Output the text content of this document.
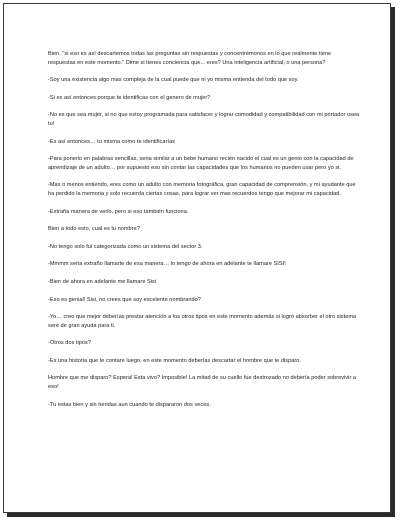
Bien. "si eso es así descartemos todas las preguntas sin respuestas y concentrémonos en lo que realmente tiene respuestas en este momento." Dime si tienes conciencia que... eres? Una inteligencia artificial, o una persona?

-Soy una existencia algo mas compleja de la cual puede que ni yo misma entienda del todo que soy.

-Si es así entonces porque te identificas con el genero de mujer?

-No es que sea mujer, si no que estoy programada para satisfacer y lograr comodidad y compatibilidad con mi portador osea tu!

-Es así entonces… tu misma como te identificarías

-Para ponerlo en palabras sencillas, seria similar a un bebe humano recién nacido el cual es un genio con la capacidad de aprendizaje de un adulto… por supuesto eso sin contar las capacidades que los humanos no pueden usar pero yo si.

-Mas o menos entiendo, eres como un adulto con memoria fotográfica, gran capacidad de comprensión, y mi ayudante que ha perdido la memoria y solo recuerda ciertas cosas, para lograr ver mas recuerdos tengo que mejorar mi capacidad.

-Extraña manera de verlo, pero si eso también funciona.

Bien a todo esto, cual es tu nombre?

-No tengo solo fui categorizada como un sistema del sector 3.

-Mmmm seria extraño llamarte de esa manera… lo tengo de ahora en adelante te llamare SISI!

-Bien de ahora en adelante me llamare Sisi

-Eso es genial! Sisi, no crees que soy excelente nombrando?

-Yo… creo que mejor deberías prestar atención a los otros tipos en este momento además si logró absorber el otro sistema seré de gran ayuda para ti.

-Otros dos tipos?

-Es una historia que te contare luego, en este momento deberías descartar el hombre que te disparo.

Hombre que me disparo? Espera! Esta vivo? Imposible! La mitad de su cuello fue destrozado no debería poder sobrevivir a eso!

-Tu estas bien y sin heridas aun cuando te dispararon dos veces.
